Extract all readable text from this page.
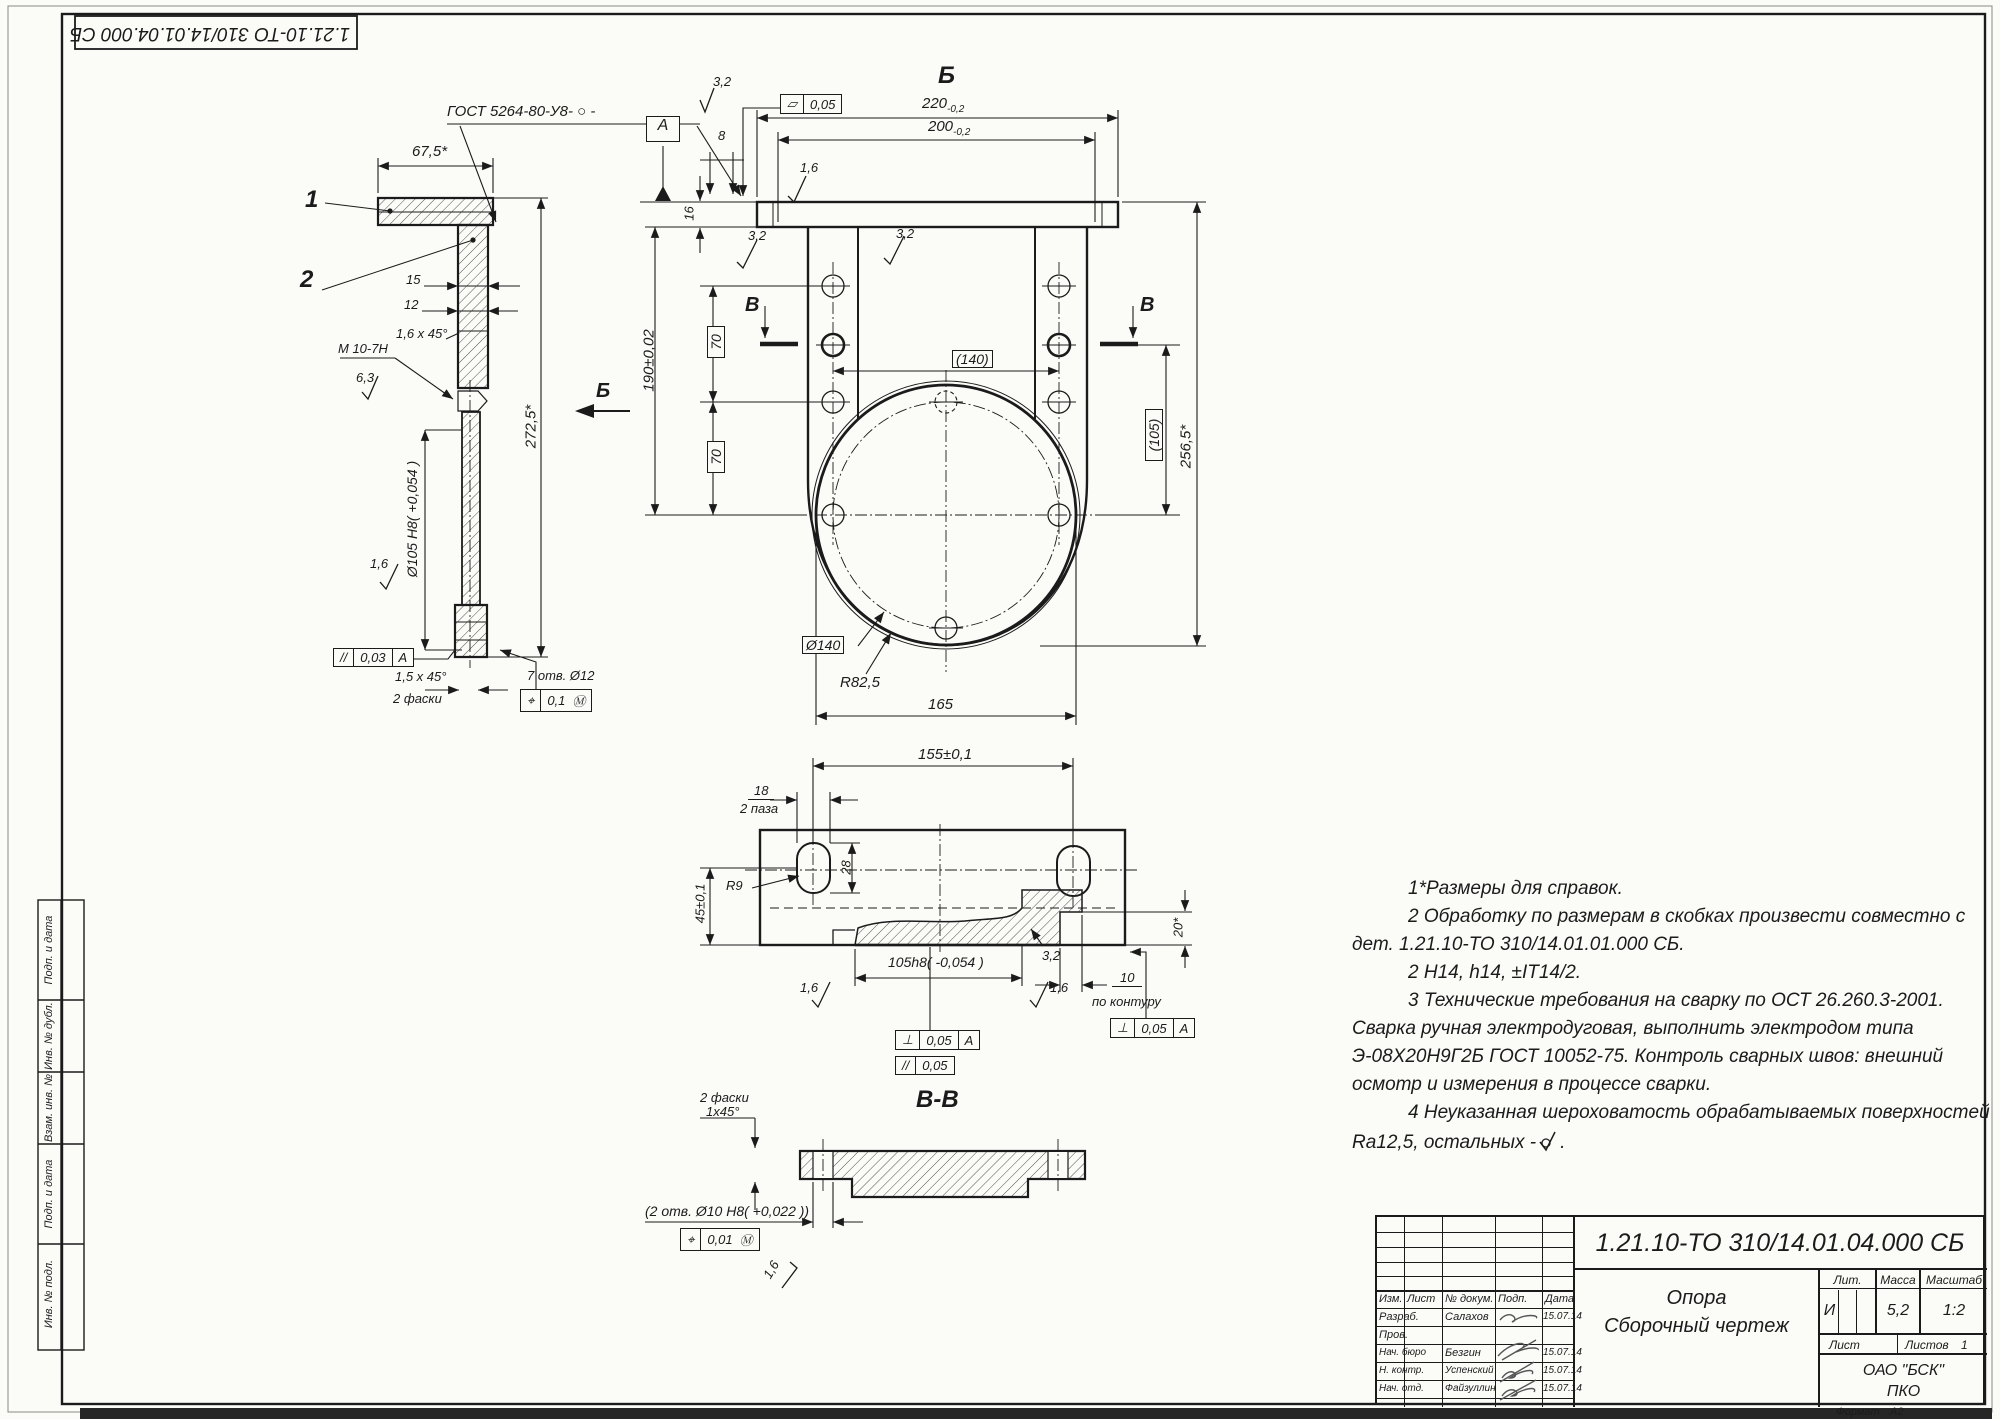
1.21.10-ТО 310/14.01.04.000 СБ
Подп. и дата
Инв. № дубл.
Взам. инв. №
Подп. и дата
Инв. № подл.
ГОСТ 5264-80-У8- ○ -
3,2
1
2
67,5*
15
12
1,6 x 45°
М 10-7Н
6,3
Б
272,5*
Ø105 Н8( +0,054 )
1,6
//	0,03	А
1,5 x 45°
2 фаски
7 отв. Ø12
⌖	0,1 Ⓜ
Б
▱	0,05
А
8
16
$220_{-0,2}$
$200_{-0,2}$
1,6
3,2	3,2
190±0,02	70
70
(140)
(105) 256,5*
В	В
Ø140
R82,5
165
155±0,1
18
2 паза
R9
28
45±0,1
105h8( -0,054 )
1,6	1,6
3,2
⊥	0,05	А
//	0,05
20*
10
по контуру
⊥	0,05	А
В-В
2 фаски
1х45°
(2 отв. Ø10 Н8( +0,022 ))
⌖	0,01 Ⓜ
1,6
1*Размеры для справок.
2 Обработку по размерам в скобках произвести совместно с
дет. 1.21.10-ТО 310/14.01.01.000 СБ.
2 Н14, h14, ±IT14/2.
3 Технические требования на сварку по ОСТ 26.260.3-2001.
Сварка ручная электродуговая, выполнить электродом типа
Э-08Х20Н9Г2Б ГОСТ 10052-75. Контроль сварных швов: внешний
осмотр и измерения в процессе сварки.
4 Неуказанная шероховатость обрабатываемых поверхностей
Ra12,5, остальных - .
1.21.10-ТО 310/14.01.04.000 СБ
Опора
Сборочный чертеж
Лит.	Масса Масштаб
И	5,2	1:2
Лист	Листов 1
ОАО "БСК"
ПКО
Изм. Лист № докум. Подп. Дата
Разраб.	Салахов	15.07.14
Пров.
Нач. бюро Безгин	15.07.14
Н. контр. Успенский	15.07.14
Нач. отд. Файзуллин	15.07.14
Формат А2
